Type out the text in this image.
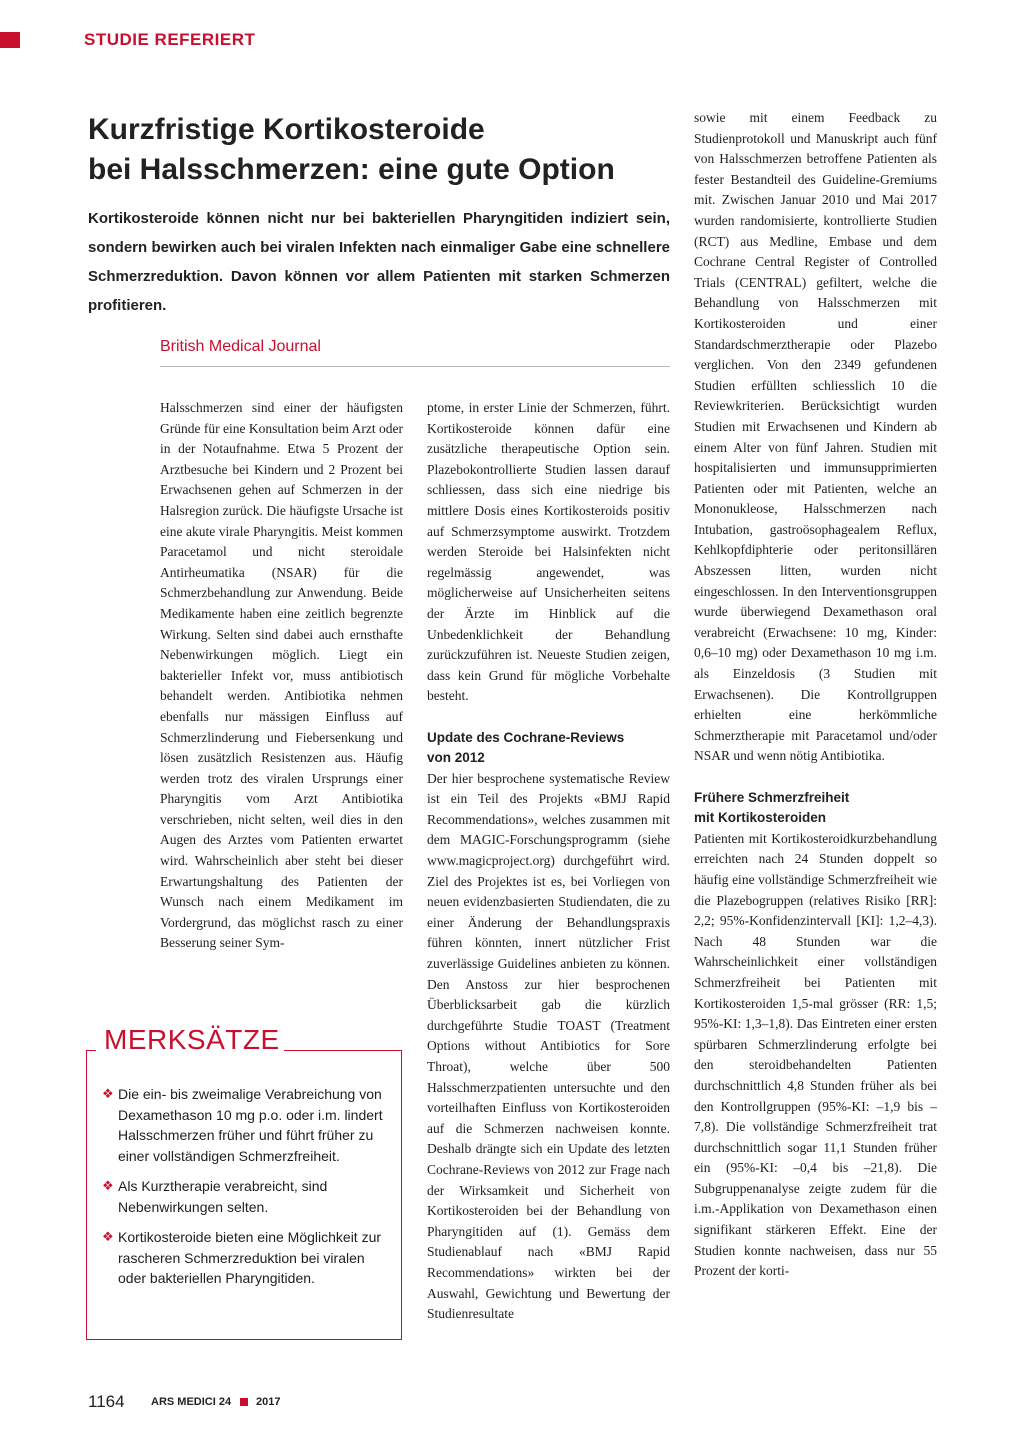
STUDIE REFERIERT
Kurzfristige Kortikosteroide
bei Halsschmerzen: eine gute Option

Kortikosteroide können nicht nur bei bakteriellen Pharyngitiden indiziert sein, sondern bewirken auch bei viralen Infekten nach einmaliger Gabe eine schnellere Schmerzreduktion. Davon können vor allem Patienten mit starken Schmerzen profitieren.

British Medical Journal

Halsschmerzen sind einer der häufigsten Gründe für eine Konsultation beim Arzt oder in der Notaufnahme. Etwa 5 Prozent der Arztbesuche bei Kindern und 2 Prozent bei Erwachsenen gehen auf Schmerzen in der Halsregion zurück. Die häufigste Ursache ist eine akute virale Pharyngitis. Meist kommen Paracetamol und nicht steroidale Antirheumatika (NSAR) für die Schmerzbehandlung zur Anwendung. Beide Medikamente haben eine zeitlich begrenzte Wirkung. Selten sind dabei auch ernsthafte Nebenwirkungen möglich. Liegt ein bakterieller Infekt vor, muss antibiotisch behandelt werden. Antibiotika nehmen ebenfalls nur mässigen Einfluss auf Schmerzlinderung und Fiebersenkung und lösen zusätzlich Resistenzen aus. Häufig werden trotz des viralen Ursprungs einer Pharyngitis vom Arzt Antibiotika verschrieben, nicht selten, weil dies in den Augen des Arztes vom Patienten erwartet wird. Wahrscheinlich aber steht bei dieser Erwartungshaltung des Patienten der Wunsch nach einem Medikament im Vordergrund, das möglichst rasch zu einer Besserung seiner Sym-

ptome, in erster Linie der Schmerzen, führt. Kortikosteroide können dafür eine zusätzliche therapeutische Option sein. Plazebokontrollierte Studien lassen darauf schliessen, dass sich eine niedrige bis mittlere Dosis eines Kortikosteroids positiv auf Schmerzsymptome auswirkt. Trotzdem werden Steroide bei Halsinfekten nicht regelmässig angewendet, was möglicherweise auf Unsicherheiten seitens der Ärzte im Hinblick auf die Unbedenklichkeit der Behandlung zurückzuführen ist. Neueste Studien zeigen, dass kein Grund für mögliche Vorbehalte besteht.

Update des Cochrane-Reviews
von 2012

Der hier besprochene systematische Review ist ein Teil des Projekts «BMJ Rapid Recommendations», welches zusammen mit dem MAGIC-Forschungsprogramm (siehe www.magicproject.org) durchgeführt wird. Ziel des Projektes ist es, bei Vorliegen von neuen evidenzbasierten Studiendaten, die zu einer Änderung der Behandlungspraxis führen könnten, innert nützlicher Frist zuverlässige Guidelines anbieten zu können. Den Anstoss zur hier besprochenen Überblicksarbeit gab die kürzlich durchgeführte Studie TOAST (Treatment Options without Antibiotics for Sore Throat), welche über 500 Halsschmerzpatienten untersuchte und den vorteilhaften Einfluss von Kortikosteroiden auf die Schmerzen nachweisen konnte. Deshalb drängte sich ein Update des letzten Cochrane-Reviews von 2012 zur Frage nach der Wirksamkeit und Sicherheit von Kortikosteroiden bei der Behandlung von Pharyngitiden auf (1). Gemäss dem Studienablauf nach «BMJ Rapid Recommendations» wirkten bei der Auswahl, Gewichtung und Bewertung der Studienresultate

sowie mit einem Feedback zu Studienprotokoll und Manuskript auch fünf von Halsschmerzen betroffene Patienten als fester Bestandteil des Guideline-Gremiums mit. Zwischen Januar 2010 und Mai 2017 wurden randomisierte, kontrollierte Studien (RCT) aus Medline, Embase und dem Cochrane Central Register of Controlled Trials (CENTRAL) gefiltert, welche die Behandlung von Halsschmerzen mit Kortikosteroiden und einer Standardschmerztherapie oder Plazebo verglichen. Von den 2349 gefundenen Studien erfüllten schliesslich 10 die Reviewkriterien. Berücksichtigt wurden Studien mit Erwachsenen und Kindern ab einem Alter von fünf Jahren. Studien mit hospitalisierten und immunsupprimierten Patienten oder mit Patienten, welche an Mononukleose, Halsschmerzen nach Intubation, gastroösophagealem Reflux, Kehlkopfdiphterie oder peritonsillären Abszessen litten, wurden nicht eingeschlossen. In den Interventionsgruppen wurde überwiegend Dexamethason oral verabreicht (Erwachsene: 10 mg, Kinder: 0,6–10 mg) oder Dexamethason 10 mg i.m. als Einzeldosis (3 Studien mit Erwachsenen). Die Kontrollgruppen erhielten eine herkömmliche Schmerztherapie mit Paracetamol und/oder NSAR und wenn nötig Antibiotika.

Frühere Schmerzfreiheit
mit Kortikosteroiden

Patienten mit Kortikosteroidkurzbehandlung erreichten nach 24 Stunden doppelt so häufig eine vollständige Schmerzfreiheit wie die Plazebogruppen (relatives Risiko [RR]: 2,2; 95%-Konfidenzintervall [KI]: 1,2–4,3). Nach 48 Stunden war die Wahrscheinlichkeit einer vollständigen Schmerzfreiheit bei Patienten mit Kortikosteroiden 1,5-mal grösser (RR: 1,5; 95%-KI: 1,3–1,8). Das Eintreten einer ersten spürbaren Schmerzlinderung erfolgte bei den steroidbehandelten Patienten durchschnittlich 4,8 Stunden früher als bei den Kontrollgruppen (95%-KI: –1,9 bis –7,8). Die vollständige Schmerzfreiheit trat durchschnittlich sogar 11,1 Stunden früher ein (95%-KI: –0,4 bis –21,8). Die Subgruppenanalyse zeigte zudem für die i.m.-Applikation von Dexamethason einen signifikant stärkeren Effekt. Eine der Studien konnte nachweisen, dass nur 55 Prozent der korti-

MERKSÄTZE
❖ Die ein- bis zweimalige Verabreichung von Dexamethason 10 mg p.o. oder i.m. lindert Halsschmerzen früher und führt früher zu einer vollständigen Schmerzfreiheit.
❖ Als Kurztherapie verabreicht, sind Nebenwirkungen selten.
❖ Kortikosteroide bieten eine Möglichkeit zur rascheren Schmerzreduktion bei viralen oder bakteriellen Pharyngitiden.
1164 ARS MEDICI 24 2017
